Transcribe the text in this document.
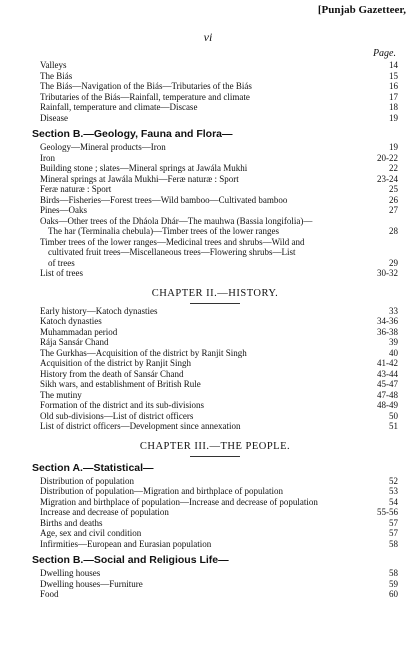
[Punjab Gazetteer,
vi
Page.
Valleys	14
The Biás	15
The Biás—Navigation of the Biás—Tributaries of the Biás	16
Tributaries of the Biás—Rainfall, temperature and climate	17
Rainfall, temperature and climate—Discase	18
Disease	19
Section B.—Geology, Fauna and Flora—
Geology—Mineral products—Iron	19
Iron	20-22
Building stone ; slates—Mineral springs at Jawála Mukhi	22
Mineral springs at Jawála Mukhi—Feræ naturæ : Sport	23-24
Feræ naturæ : Sport	25
Birds—Fisheries—Forest trees—Wild bamboo—Cultivated bamboo	26
Pines—Oaks	27
Oaks—Other trees of the Dháola Dhár—The mauhwa (Bassia longifolia)—
The har (Terminalia chebula)—Timber trees of the lower ranges	28
Timber trees of the lower ranges—Medicinal trees and shrubs—Wild and
cultivated fruit trees—Miscellaneous trees—Flowering shrubs—List
of trees	29
List of trees	30-32
CHAPTER II.—HISTORY.
Early history—Katoch dynasties	33
Katoch dynasties	34-36
Muhammadan period	36-38
Rája Sansár Chand	39
The Gurkhas—Acquisition of the district by Ranjit Singh	40
Acquisition of the district by Ranjit Singh	41-42
History from the death of Sansár Chand	43-44
Sikh wars, and establishment of British Rule	45-47
The mutiny	47-48
Formation of the district and its sub-divisions	48-49
Old sub-divisions—List of district officers	50
List of district officers—Development since annexation	51
CHAPTER III.—THE PEOPLE.
Section A.—Statistical—
Distribution of population	52
Distribution of population—Migration and birthplace of population	53
Migration and birthplace of population—Increase and decrease of population	54
Increase and decrease of population	55-56
Births and deaths	57
Age, sex and civil condition	57
Infirmities—European and Eurasian population	58
Section B.—Social and Religious Life—
Dwelling houses	58
Dwelling houses—Furniture	59
Food	60
